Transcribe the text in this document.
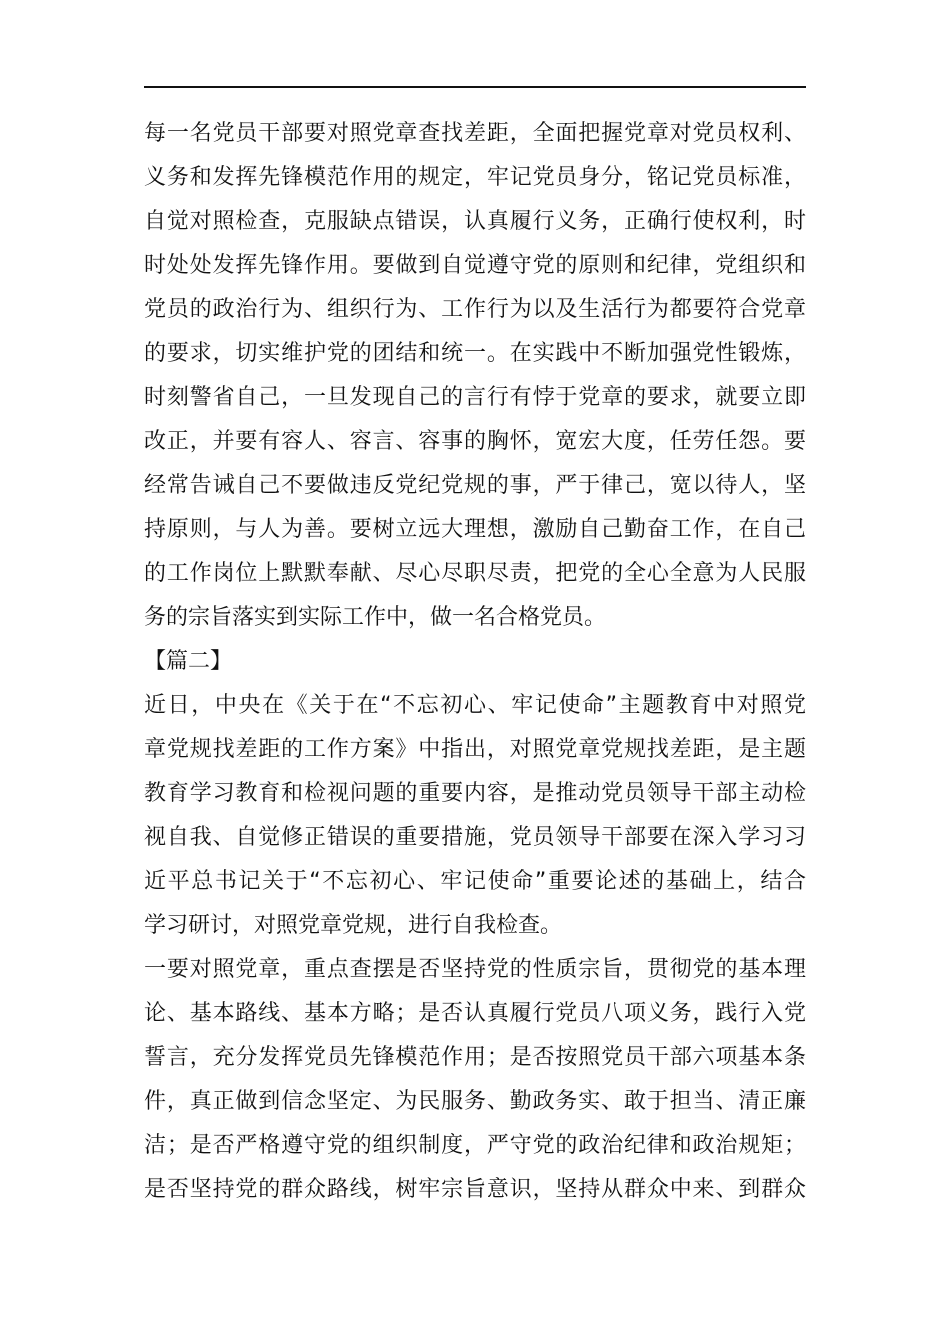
每一名党员干部要对照党章查找差距，全面把握党章对党员权利、
义务和发挥先锋模范作用的规定，牢记党员身分，铭记党员标准，
自觉对照检查，克服缺点错误，认真履行义务，正确行使权利，时
时处处发挥先锋作用。要做到自觉遵守党的原则和纪律，党组织和
党员的政治行为、组织行为、工作行为以及生活行为都要符合党章
的要求，切实维护党的团结和统一。在实践中不断加强党性锻炼，
时刻警省自己，一旦发现自己的言行有悖于党章的要求，就要立即
改正，并要有容人、容言、容事的胸怀，宽宏大度，任劳任怨。要
经常告诫自己不要做违反党纪党规的事，严于律己，宽以待人，坚
持原则，与人为善。要树立远大理想，激励自己勤奋工作，在自己
的工作岗位上默默奉献、尽心尽职尽责，把党的全心全意为人民服
务的宗旨落实到实际工作中，做一名合格党员。
【篇二】
近日，中央在《关于在“不忘初心、牢记使命”主题教育中对照党
章党规找差距的工作方案》中指出，对照党章党规找差距，是主题
教育学习教育和检视问题的重要内容，是推动党员领导干部主动检
视自我、自觉修正错误的重要措施，党员领导干部要在深入学习习
近平总书记关于“不忘初心、牢记使命”重要论述的基础上，结合
学习研讨，对照党章党规，进行自我检查。
一要对照党章，重点查摆是否坚持党的性质宗旨，贯彻党的基本理
论、基本路线、基本方略；是否认真履行党员八项义务，践行入党
誓言，充分发挥党员先锋模范作用；是否按照党员干部六项基本条
件，真正做到信念坚定、为民服务、勤政务实、敢于担当、清正廉
洁；是否严格遵守党的组织制度，严守党的政治纪律和政治规矩；
是否坚持党的群众路线，树牢宗旨意识，坚持从群众中来、到群众
